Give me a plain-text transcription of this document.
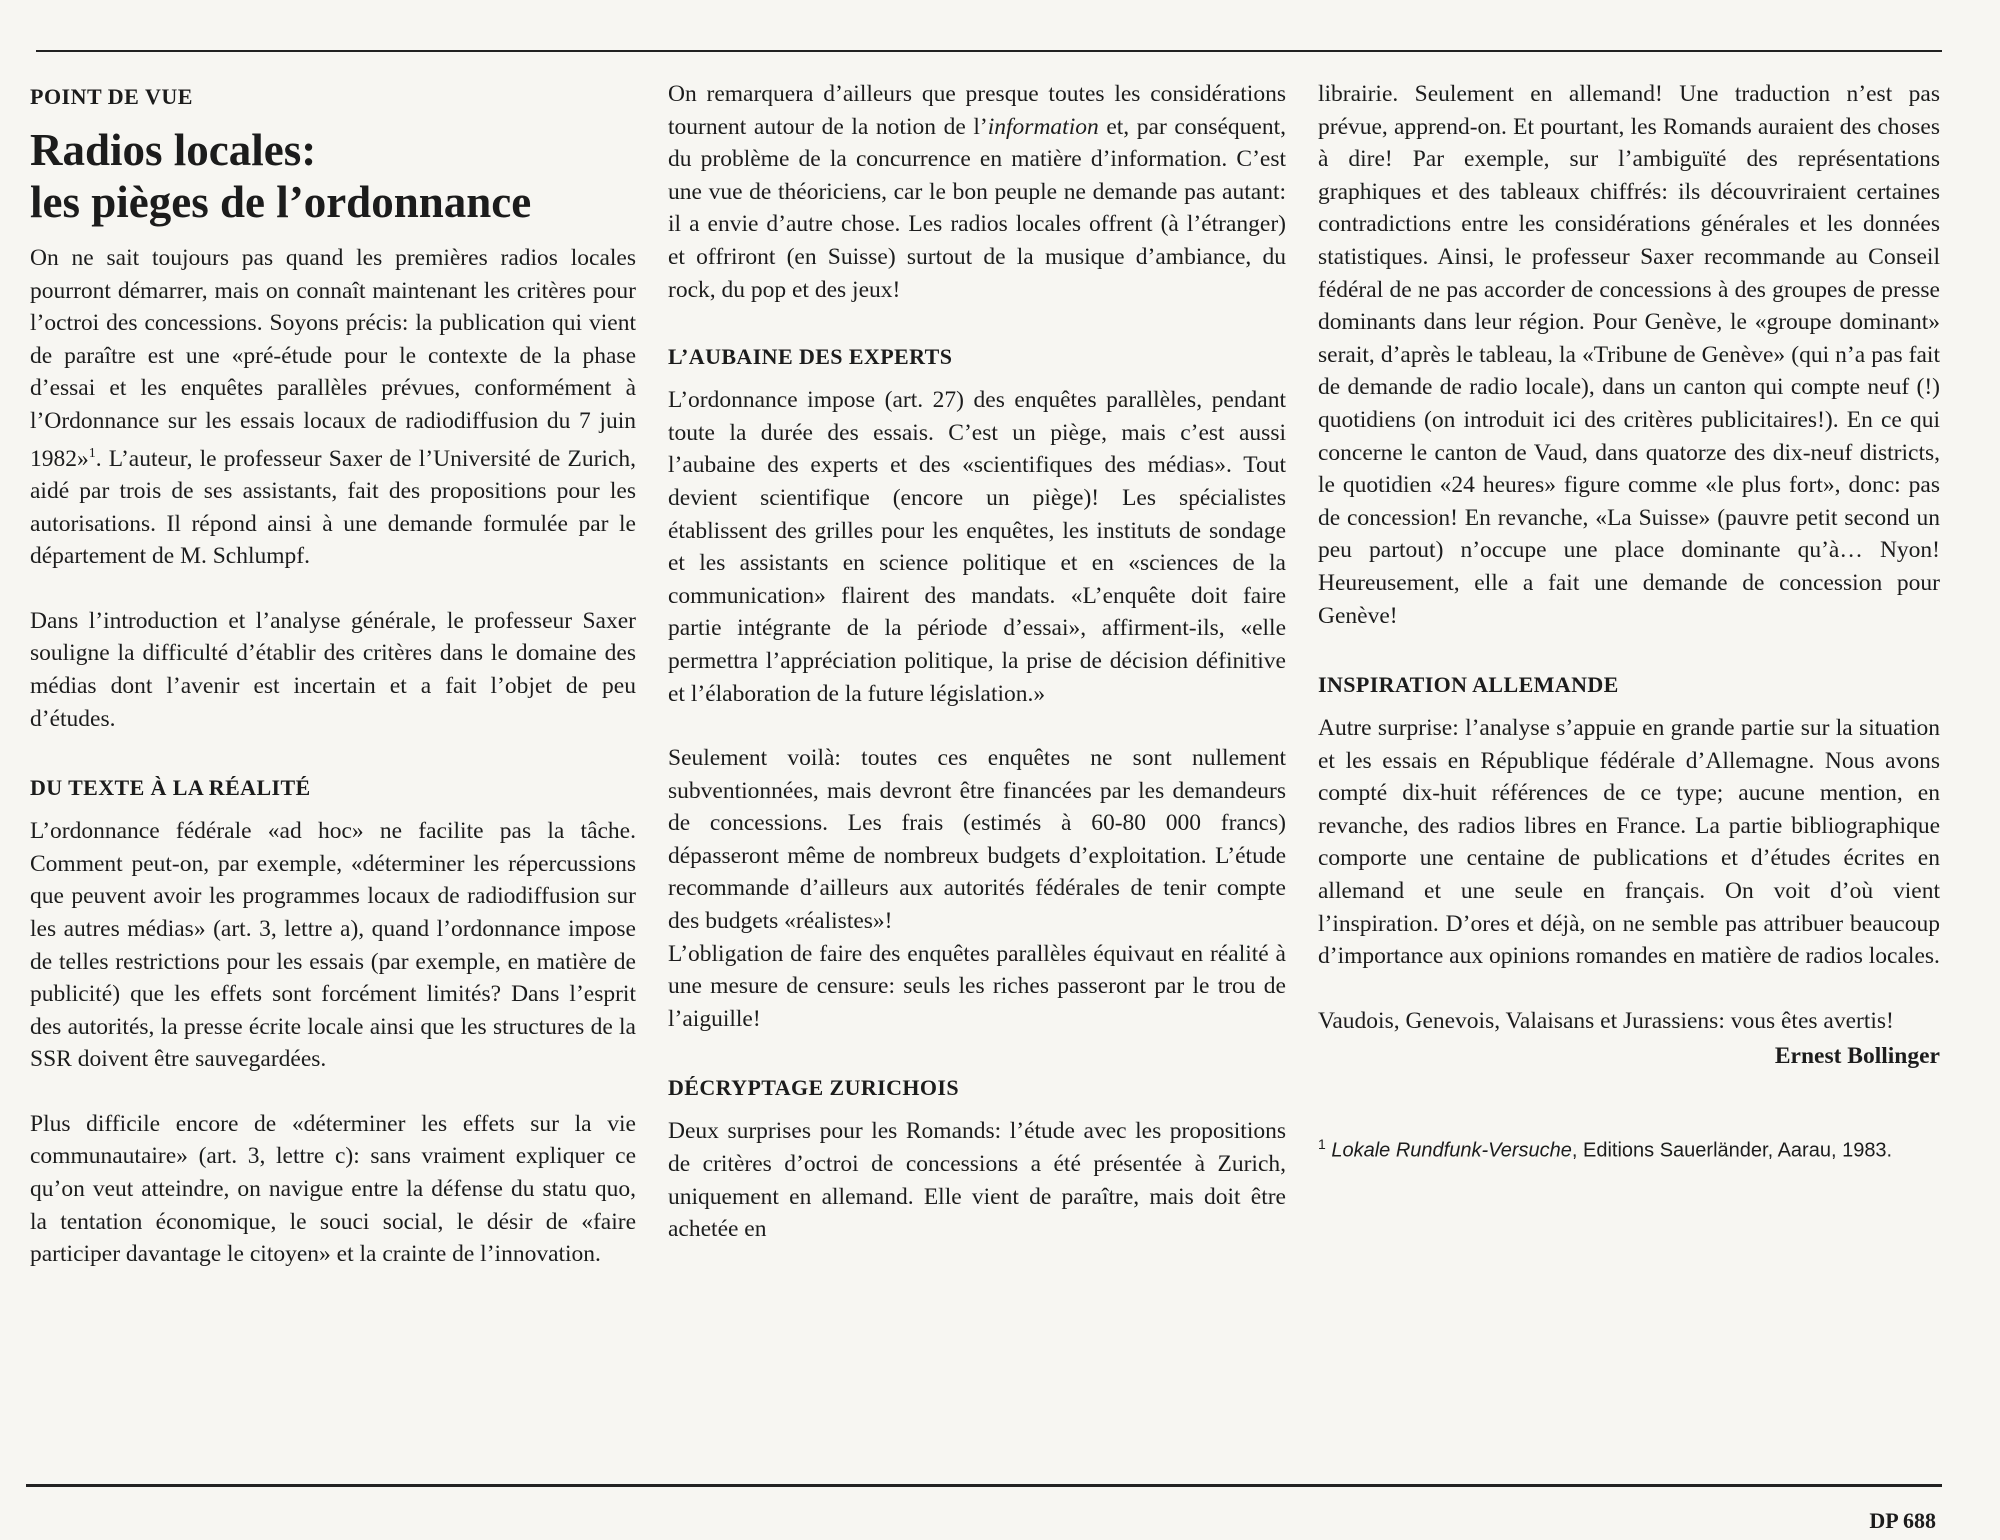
POINT DE VUE
Radios locales:
les pièges de l’ordonnance

On ne sait toujours pas quand les premières radios locales pourront démarrer, mais on connaît maintenant les critères pour l’octroi des concessions. Soyons précis: la publication qui vient de paraître est une «pré-étude pour le contexte de la phase d’essai et les enquêtes parallèles prévues, conformément à l’Ordonnance sur les essais locaux de radiodiffusion du 7 juin 1982»$^1$. L’auteur, le professeur Saxer de l’Université de Zurich, aidé par trois de ses assistants, fait des propositions pour les autorisations. Il répond ainsi à une demande formulée par le département de M. Schlumpf.

Dans l’introduction et l’analyse générale, le professeur Saxer souligne la difficulté d’établir des critères dans le domaine des médias dont l’avenir est incertain et a fait l’objet de peu d’études.

DU TEXTE À LA RÉALITÉ

L’ordonnance fédérale «ad hoc» ne facilite pas la tâche. Comment peut-on, par exemple, «déterminer les répercussions que peuvent avoir les programmes locaux de radiodiffusion sur les autres médias» (art. 3, lettre a), quand l’ordonnance impose de telles restrictions pour les essais (par exemple, en matière de publicité) que les effets sont forcément limités? Dans l’esprit des autorités, la presse écrite locale ainsi que les structures de la SSR doivent être sauvegardées.

Plus difficile encore de «déterminer les effets sur la vie communautaire» (art. 3, lettre c): sans vraiment expliquer ce qu’on veut atteindre, on navigue entre la défense du statu quo, la tentation économique, le souci social, le désir de «faire participer davantage le citoyen» et la crainte de l’innovation.

On remarquera d’ailleurs que presque toutes les considérations tournent autour de la notion de l’information et, par conséquent, du problème de la concurrence en matière d’information. C’est une vue de théoriciens, car le bon peuple ne demande pas autant: il a envie d’autre chose. Les radios locales offrent (à l’étranger) et offriront (en Suisse) surtout de la musique d’ambiance, du rock, du pop et des jeux!

L’AUBAINE DES EXPERTS

L’ordonnance impose (art. 27) des enquêtes parallèles, pendant toute la durée des essais. C’est un piège, mais c’est aussi l’aubaine des experts et des «scientifiques des médias». Tout devient scientifique (encore un piège)! Les spécialistes établissent des grilles pour les enquêtes, les instituts de sondage et les assistants en science politique et en «sciences de la communication» flairent des mandats. «L’enquête doit faire partie intégrante de la période d’essai», affirment-ils, «elle permettra l’appréciation politique, la prise de décision définitive et l’élaboration de la future législation.»

Seulement voilà: toutes ces enquêtes ne sont nullement subventionnées, mais devront être financées par les demandeurs de concessions. Les frais (estimés à 60-80 000 francs) dépasseront même de nombreux budgets d’exploitation. L’étude recommande d’ailleurs aux autorités fédérales de tenir compte des budgets «réalistes»!

L’obligation de faire des enquêtes parallèles équivaut en réalité à une mesure de censure: seuls les riches passeront par le trou de l’aiguille!

DÉCRYPTAGE ZURICHOIS

Deux surprises pour les Romands: l’étude avec les propositions de critères d’octroi de concessions a été présentée à Zurich, uniquement en allemand. Elle vient de paraître, mais doit être achetée en

librairie. Seulement en allemand! Une traduction n’est pas prévue, apprend-on. Et pourtant, les Romands auraient des choses à dire! Par exemple, sur l’ambiguïté des représentations graphiques et des tableaux chiffrés: ils découvriraient certaines contradictions entre les considérations générales et les données statistiques. Ainsi, le professeur Saxer recommande au Conseil fédéral de ne pas accorder de concessions à des groupes de presse dominants dans leur région. Pour Genève, le «groupe dominant» serait, d’après le tableau, la «Tribune de Genève» (qui n’a pas fait de demande de radio locale), dans un canton qui compte neuf (!) quotidiens (on introduit ici des critères publicitaires!). En ce qui concerne le canton de Vaud, dans quatorze des dix-neuf districts, le quotidien «24 heures» figure comme «le plus fort», donc: pas de concession! En revanche, «La Suisse» (pauvre petit second un peu partout) n’occupe une place dominante qu’à… Nyon! Heureusement, elle a fait une demande de concession pour Genève!

INSPIRATION ALLEMANDE

Autre surprise: l’analyse s’appuie en grande partie sur la situation et les essais en République fédérale d’Allemagne. Nous avons compté dix-huit références de ce type; aucune mention, en revanche, des radios libres en France. La partie bibliographique comporte une centaine de publications et d’études écrites en allemand et une seule en français. On voit d’où vient l’inspiration. D’ores et déjà, on ne semble pas attribuer beaucoup d’importance aux opinions romandes en matière de radios locales.

Vaudois, Genevois, Valaisans et Jurassiens: vous êtes avertis!

Ernest Bollinger
$^1$ Lokale Rundfunk-Versuche, Editions Sauerländer, Aarau, 1983.
DP 688
